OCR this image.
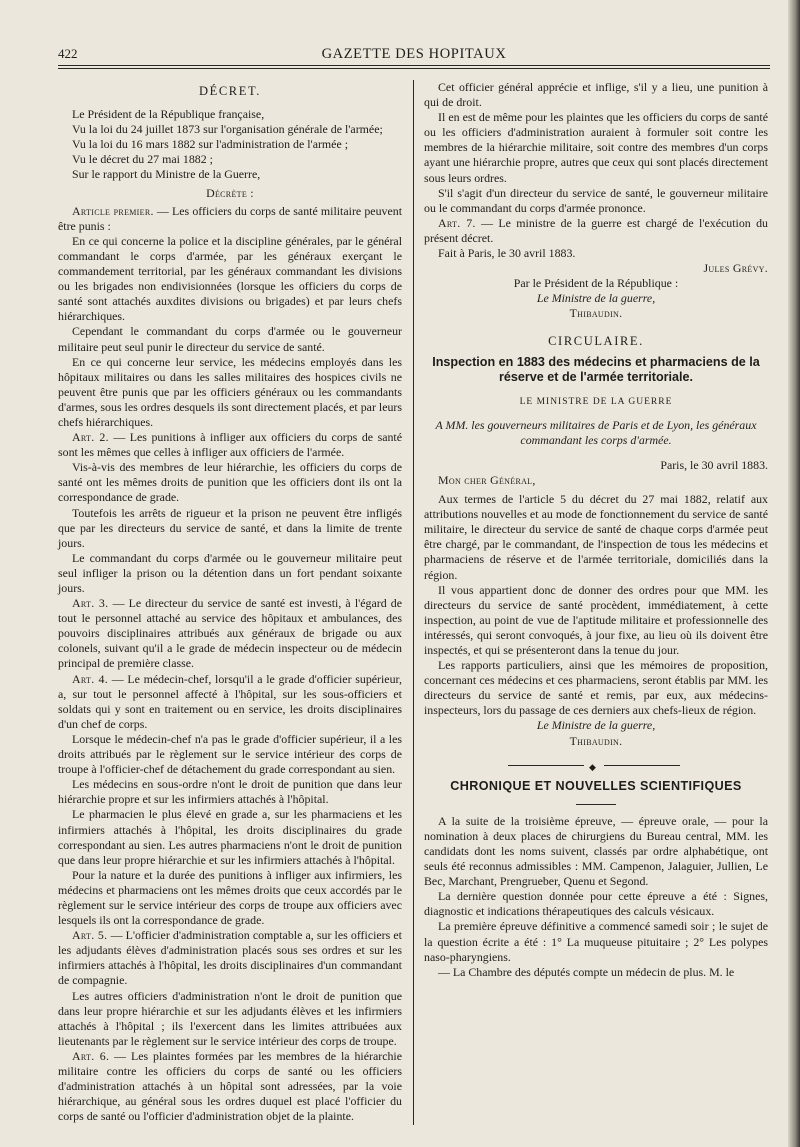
422	GAZETTE DES HOPITAUX
DÉCRET.

Le Président de la République française,

Vu la loi du 24 juillet 1873 sur l'organisation générale de l'armée;

Vu la loi du 16 mars 1882 sur l'administration de l'armée ;

Vu le décret du 27 mai 1882 ;

Sur le rapport du Ministre de la Guerre,

Décrète :

Article premier. — Les officiers du corps de santé militaire peuvent être punis :

En ce qui concerne la police et la discipline générales, par le général commandant le corps d'armée, par les généraux exerçant le commandement territorial, par les généraux commandant les divisions ou les brigades non endivisionnées (lorsque les officiers du corps de santé sont attachés auxdites divisions ou brigades) et par leurs chefs hiérarchiques.

Cependant le commandant du corps d'armée ou le gouverneur militaire peut seul punir le directeur du service de santé.

En ce qui concerne leur service, les médecins employés dans les hôpitaux militaires ou dans les salles militaires des hospices civils ne peuvent être punis que par les officiers généraux ou les commandants d'armes, sous les ordres desquels ils sont directement placés, et par leurs chefs hiérarchiques.

Art. 2. — Les punitions à infliger aux officiers du corps de santé sont les mêmes que celles à infliger aux officiers de l'armée.

Vis-à-vis des membres de leur hiérarchie, les officiers du corps de santé ont les mêmes droits de punition que les officiers dont ils ont la correspondance de grade.

Toutefois les arrêts de rigueur et la prison ne peuvent être infligés que par les directeurs du service de santé, et dans la limite de trente jours.

Le commandant du corps d'armée ou le gouverneur militaire peut seul infliger la prison ou la détention dans un fort pendant soixante jours.

Art. 3. — Le directeur du service de santé est investi, à l'égard de tout le personnel attaché au service des hôpitaux et ambulances, des pouvoirs disciplinaires attribués aux généraux de brigade ou aux colonels, suivant qu'il a le grade de médecin inspecteur ou de médecin principal de première classe.

Art. 4. — Le médecin-chef, lorsqu'il a le grade d'officier supérieur, a, sur tout le personnel affecté à l'hôpital, sur les sous-officiers et soldats qui y sont en traitement ou en service, les droits disciplinaires d'un chef de corps.

Lorsque le médecin-chef n'a pas le grade d'officier supérieur, il a les droits attribués par le règlement sur le service intérieur des corps de troupe à l'officier-chef de détachement du grade correspondant au sien.

Les médecins en sous-ordre n'ont le droit de punition que dans leur hiérarchie propre et sur les infirmiers attachés à l'hôpital.

Le pharmacien le plus élevé en grade a, sur les pharmaciens et les infirmiers attachés à l'hôpital, les droits disciplinaires du grade correspondant au sien. Les autres pharmaciens n'ont le droit de punition que dans leur propre hiérarchie et sur les infirmiers attachés à l'hôpital.

Pour la nature et la durée des punitions à infliger aux infirmiers, les médecins et pharmaciens ont les mêmes droits que ceux accordés par le règlement sur le service intérieur des corps de troupe aux officiers avec lesquels ils ont la correspondance de grade.

Art. 5. — L'officier d'administration comptable a, sur les officiers et les adjudants élèves d'administration placés sous ses ordres et sur les infirmiers attachés à l'hôpital, les droits disciplinaires d'un commandant de compagnie.

Les autres officiers d'administration n'ont le droit de punition que dans leur propre hiérarchie et sur les adjudants élèves et les infirmiers attachés à l'hôpital ; ils l'exercent dans les limites attribuées aux lieutenants par le règlement sur le service intérieur des corps de troupe.

Art. 6. — Les plaintes formées par les membres de la hiérarchie militaire contre les officiers du corps de santé ou les officiers d'administration attachés à un hôpital sont adressées, par la voie hiérarchique, au général sous les ordres duquel est placé l'officier du corps de santé ou l'officier d'administration objet de la plainte.

Cet officier général apprécie et inflige, s'il y a lieu, une punition à qui de droit.

Il en est de même pour les plaintes que les officiers du corps de santé ou les officiers d'administration auraient à formuler soit contre les membres de la hiérarchie militaire, soit contre des membres d'un corps ayant une hiérarchie propre, autres que ceux qui sont placés directement sous leurs ordres.

S'il s'agit d'un directeur du service de santé, le gouverneur militaire ou le commandant du corps d'armée prononce.

Art. 7. — Le ministre de la guerre est chargé de l'exécution du présent décret.

Fait à Paris, le 30 avril 1883.

Jules Grévy.

Par le Président de la République :

Le Ministre de la guerre,

Thibaudin.

CIRCULAIRE.
Inspection en 1883 des médecins et pharmaciens de la réserve et de l'armée territoriale.
LE MINISTRE DE LA GUERRE
A MM. les gouverneurs militaires de Paris et de Lyon, les généraux commandant les corps d'armée.

Paris, le 30 avril 1883.

Mon cher Général,

Aux termes de l'article 5 du décret du 27 mai 1882, relatif aux attributions nouvelles et au mode de fonctionnement du service de santé militaire, le directeur du service de santé de chaque corps d'armée peut être chargé, par le commandant, de l'inspection de tous les médecins et pharmaciens de réserve et de l'armée territoriale, domiciliés dans la région.

Il vous appartient donc de donner des ordres pour que MM. les directeurs du service de santé procèdent, immédiatement, à cette inspection, au point de vue de l'aptitude militaire et professionnelle des intéressés, qui seront convoqués, à jour fixe, au lieu où ils doivent être inspectés, et qui se présenteront dans la tenue du jour.

Les rapports particuliers, ainsi que les mémoires de proposition, concernant ces médecins et ces pharmaciens, seront établis par MM. les directeurs du service de santé et remis, par eux, aux médecins-inspecteurs, lors du passage de ces derniers aux chefs-lieux de région.

Le Ministre de la guerre,

Thibaudin.

◆
CHRONIQUE ET NOUVELLES SCIENTIFIQUES

A la suite de la troisième épreuve, — épreuve orale, — pour la nomination à deux places de chirurgiens du Bureau central, MM. les candidats dont les noms suivent, classés par ordre alphabétique, ont seuls été reconnus admissibles : MM. Campenon, Jalaguier, Jullien, Le Bec, Marchant, Prengrueber, Quenu et Segond.

La dernière question donnée pour cette épreuve a été : Signes, diagnostic et indications thérapeutiques des calculs vésicaux.

La première épreuve définitive a commencé samedi soir ; le sujet de la question écrite a été : 1° La muqueuse pituitaire ; 2° Les polypes naso-pharyngiens.

— La Chambre des députés compte un médecin de plus. M. le
